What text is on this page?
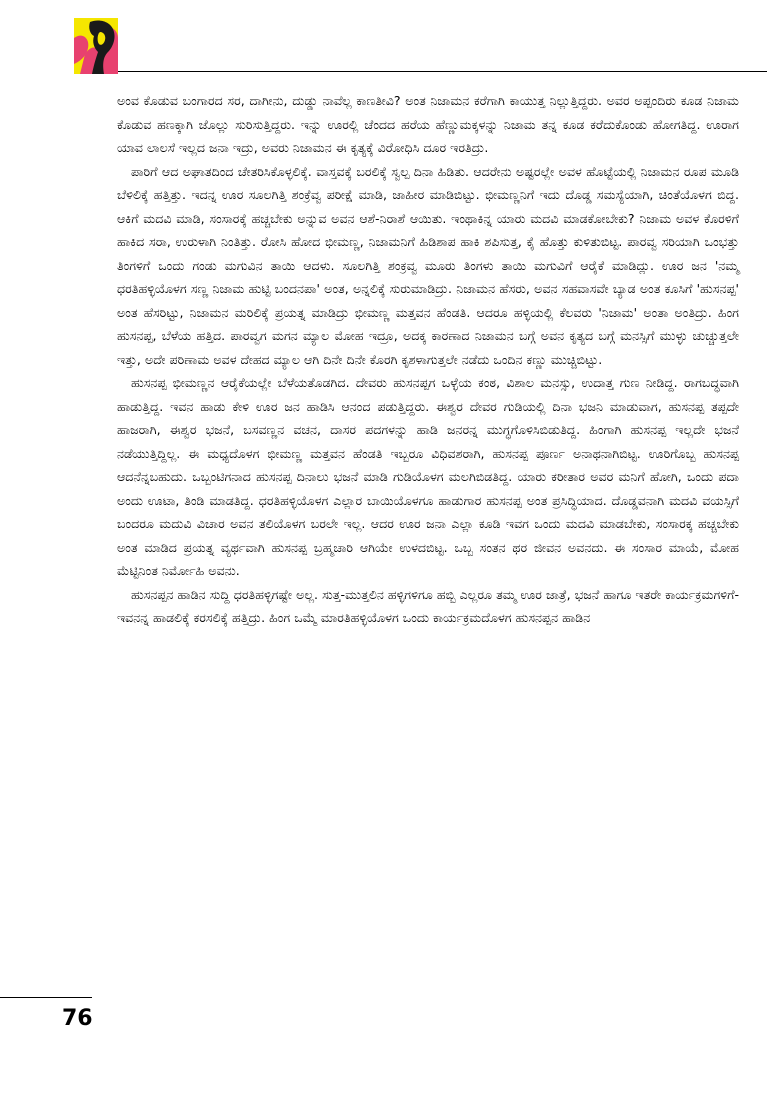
ಅಂವ ಕೊಡುವ ಬಂಗಾರದ ಸರ, ದಾಗೀನು, ದುಡ್ಡು ನಾವೆಲ್ಲ ಕಾಣತೀವಿ? ಅಂತ ನಿಜಾಮನ ಕರೆಗಾಗಿ ಕಾಯುತ್ತ ನಿಲ್ಲುತ್ತಿದ್ದರು. ಅವರ ಅಪ್ಪಂದಿರು ಕೂಡ ನಿಜಾಮ ಕೊಡುವ ಹಣಕ್ಕಾಗಿ ಜೊಲ್ಲು ಸುರಿಸುತ್ತಿದ್ದರು. ಇನ್ನು ಊರಲ್ಲಿ ಚೆಂದದ ಹರೆಯ ಹೆಣ್ಣುಮಕ್ಕಳನ್ನು ನಿಜಾಮ ತನ್ನ ಕೂಡ ಕರೆದುಕೊಂಡು ಹೋಗತಿದ್ದ. ಊರಾಗ ಯಾವ ಲಾಲಸೆ ಇಲ್ಲದ ಜನಾ ಇದ್ರು, ಅವರು ನಿಜಾಮನ ಈ ಕೃತ್ಯಕ್ಕೆ ವಿರೋಧಿಸಿ ದೂರ ಇರತಿದ್ರು.

ಪಾರಿಗೆ ಆದ ಅಘಾತದಿಂದ ಚೇತರಿಸಿಕೊಳ್ಳಲಿಕ್ಕೆ. ವಾಸ್ತವಕ್ಕೆ ಬರಲಿಕ್ಕೆ ಸ್ವಲ್ಪ ದಿನಾ ಹಿಡಿತು. ಆದರೇನು ಅಷ್ಟರಲ್ಲೇ ಅವಳ ಹೊಟ್ಟೆಯಲ್ಲಿ ನಿಜಾಮನ ರೂಪ ಮೂಡಿ ಬೆಳಿಲಿಕ್ಕೆ ಹತ್ತಿತ್ತು. ಇದನ್ನ ಊರ ಸೂಲಗಿತ್ತಿ ಶಂಕ್ರೆವ್ವ ಪರೀಕ್ಷೆ ಮಾಡಿ, ಜಾಹೀರ ಮಾಡಿಬಿಟ್ಟು. ಭೀಮಣ್ಣನಿಗೆ ಇದು ದೊಡ್ಡ ಸಮಸ್ಯೆಯಾಗಿ, ಚಿಂತೆಯೊಳಗ ಬಿದ್ದ. ಆಕಿಗೆ ಮದವಿ ಮಾಡಿ, ಸಂಸಾರಕ್ಕೆ ಹಚ್ಚಬೇಕು ಅನ್ನುವ ಅವನ ಆಶೆ-ನಿರಾಶೆ ಆಯಿತು. ಇಂಥಾಕಿನ್ನ ಯಾರು ಮದವಿ ಮಾಡಕೋಬೇಕು? ನಿಜಾಮ ಅವಳ ಕೊರಳಿಗೆ ಹಾಕಿದ ಸರಾ, ಉರುಳಾಗಿ ನಿಂತಿತ್ತು. ರೋಸಿ ಹೋದ ಭೀಮಣ್ಣ, ನಿಜಾಮನಿಗೆ ಹಿಡಿಶಾಪ ಹಾಕಿ ಶಪಿಸುತ್ತ, ಕೈ ಹೊತ್ತು ಕುಳಿತುಬಿಟ್ಟ. ಪಾರವ್ವ ಸರಿಯಾಗಿ ಒಂಭತ್ತು ತಿಂಗಳಿಗೆ ಒಂದು ಗಂಡು ಮಗುವಿನ ತಾಯಿ ಆದಳು. ಸೂಲಗಿತ್ತಿ ಶಂಕ್ರವ್ವ ಮೂರು ತಿಂಗಳು ತಾಯಿ ಮಗುವಿಗೆ ಆರೈಕೆ ಮಾಡಿದ್ಲು. ಊರ ಜನ 'ನಮ್ಮ ಧರತಿಹಳ್ಳಿಯೊಳಗ ಸಣ್ಣ ನಿಜಾಮ ಹುಟ್ಟಿ ಬಂದನಪಾ' ಅಂತ, ಅನ್ನಲಿಕ್ಕೆ ಸುರುಮಾಡಿದ್ರು. ನಿಜಾಮನ ಹೆಸರು, ಅವನ ಸಹವಾಸವೇ ಬ್ಯಾಡ ಅಂತ ಕೂಸಿಗೆ 'ಹುಸನಪ್ಪ' ಅಂತ ಹೆಸರಿಟ್ಟು, ನಿಜಾಮನ ಮರಿಲಿಕ್ಕೆ ಪ್ರಯತ್ನ ಮಾಡಿದ್ರು ಭೀಮಣ್ಣ ಮತ್ತವನ ಹೆಂಡತಿ. ಆದರೂ ಹಳ್ಳಿಯಲ್ಲಿ ಕೆಲವರು 'ನಿಜಾಮ' ಅಂತಾ ಅಂತಿದ್ರು. ಹಿಂಗ ಹುಸನಪ್ಪ, ಬೆಳೆಯ ಹತ್ತಿದ. ಪಾರವ್ವಗ ಮಗನ ಮ್ಯಾಲ ಮೋಹ ಇದ್ರೂ, ಅದಕ್ಕ ಕಾರಣಾದ ನಿಜಾಮನ ಬಗ್ಗೆ ಅವನ ಕೃತ್ಯದ ಬಗ್ಗೆ ಮನಸ್ಸಿಗೆ ಮುಳ್ಳು ಚುಚ್ಚುತ್ತಲೇ ಇತ್ತು, ಅದೇ ಪರಿಣಾಮ ಅವಳ ದೇಹದ ಮ್ಯಾಲ ಆಗಿ ದಿನೇ ದಿನೇ ಕೊರಗಿ ಕೃಶಳಾಗುತ್ತಲೇ ನಡೆದು ಒಂದಿನ ಕಣ್ಣು ಮುಚ್ಚಿಬಿಟ್ಟು.

ಹುಸನಪ್ಪ ಭೀಮಣ್ಣನ ಆರೈಕೆಯಲ್ಲೇ ಬೆಳೆಯತೊಡಗಿದ. ದೇವರು ಹುಸನಪ್ಪಗ ಒಳ್ಳೆಯ ಕಂಠ, ವಿಶಾಲ ಮನಸ್ಸು, ಉದಾತ್ತ ಗುಣ ನೀಡಿದ್ದ. ರಾಗಬದ್ಧವಾಗಿ ಹಾಡುತ್ತಿದ್ದ. ಇವನ ಹಾಡು ಕೇಳಿ ಊರ ಜನ ಹಾಡಿಸಿ ಆನಂದ ಪಡುತ್ತಿದ್ದರು. ಈಶ್ವರ ದೇವರ ಗುಡಿಯಲ್ಲಿ ದಿನಾ ಭಜನಿ ಮಾಡುವಾಗ, ಹುಸನಪ್ಪ ತಪ್ಪದೇ ಹಾಜರಾಗಿ, ಈಶ್ವರ ಭಜನೆ, ಬಸವಣ್ಣನ ವಚನ, ದಾಸರ ಪದಗಳನ್ನು ಹಾಡಿ ಜನರನ್ನ ಮುಗ್ಧಗೊಳಿಸಿಬಿಡುತಿದ್ದ. ಹಿಂಗಾಗಿ ಹುಸನಪ್ಪ ಇಲ್ಲದೇ ಭಜನೆ ನಡೆಯುತ್ತಿದ್ದಿಲ್ಲ. ಈ ಮಧ್ಯದೊಳಗ ಭೀಮಣ್ಣ ಮತ್ತವನ ಹೆಂಡತಿ ಇಬ್ಬರೂ ವಿಧಿವಶರಾಗಿ, ಹುಸನಪ್ಪ ಪೂರ್ಣ ಅನಾಥನಾಗಿಬಿಟ್ಟ. ಊರಿಗೊಬ್ಬ ಹುಸನಪ್ಪ ಆದನೆನ್ನಬಹುದು. ಒಬ್ಬಂಟಿಗನಾದ ಹುಸನಪ್ಪ ದಿನಾಲು ಭಜನೆ ಮಾಡಿ ಗುಡಿಯೊಳಗ ಮಲಗಿಬಿಡತಿದ್ದ. ಯಾರು ಕರೀತಾರ ಅವರ ಮನಿಗೆ ಹೋಗಿ, ಒಂದು ಪದಾ ಅಂದು ಊಟಾ, ತಿಂಡಿ ಮಾಡತಿದ್ದ. ಧರತಿಹಳ್ಳಿಯೊಳಗ ಎಲ್ಲಾರ ಬಾಯಿಯೊಳಗೂ ಹಾಡುಗಾರ ಹುಸನಪ್ಪ ಅಂತ ಪ್ರಸಿದ್ಧಿಯಾದ. ದೊಡ್ಡವನಾಗಿ ಮದವಿ ವಯಸ್ಸಿಗೆ ಬಂದರೂ ಮದುವಿ ವಿಚಾರ ಅವನ ತಲಿಯೊಳಗ ಬರಲೇ ಇಲ್ಲ. ಆದರ ಊರ ಜನಾ ಎಲ್ಲಾ ಕೂಡಿ ಇವಗ ಒಂದು ಮದವಿ ಮಾಡಬೇಕು, ಸಂಸಾರಕ್ಕ ಹಚ್ಚಬೇಕು ಅಂತ ಮಾಡಿದ ಪ್ರಯತ್ನ ವ್ಯರ್ಥವಾಗಿ ಹುಸನಪ್ಪ ಬ್ರಹ್ಮಚಾರಿ ಆಗಿಯೇ ಉಳದಬಿಟ್ಟ. ಒಬ್ಬ ಸಂತನ ಥರ ಜೀವನ ಅವನದು. ಈ ಸಂಸಾರ ಮಾಯೆ, ಮೋಹ ಮೆಟ್ಟಿನಿಂತ ನಿರ್ಮೋಹಿ ಅವನು.

ಹುಸನಪ್ಪನ ಹಾಡಿನ ಸುದ್ದಿ ಧರತಿಹಳ್ಳಿಗಷ್ಟೇ ಅಲ್ಲ. ಸುತ್ತ-ಮುತ್ತಲಿನ ಹಳ್ಳಿಗಳಿಗೂ ಹಬ್ಬಿ ಎಲ್ಲರೂ ತಮ್ಮ ಊರ ಜಾತ್ರೆ, ಭಜನೆ ಹಾಗೂ ಇತರೇ ಕಾರ್ಯಕ್ರಮಗಳಿಗೆ- ಇವನನ್ನ ಹಾಡಲಿಕ್ಕೆ ಕರಸಲಿಕ್ಕೆ ಹತ್ತಿದ್ರು. ಹಿಂಗ ಒಮ್ಮೆ ಮಾರತಿಹಳ್ಳಿಯೊಳಗ ಒಂದು ಕಾರ್ಯಕ್ರಮದೊಳಗ ಹುಸನಪ್ಪನ ಹಾಡಿನ

76
